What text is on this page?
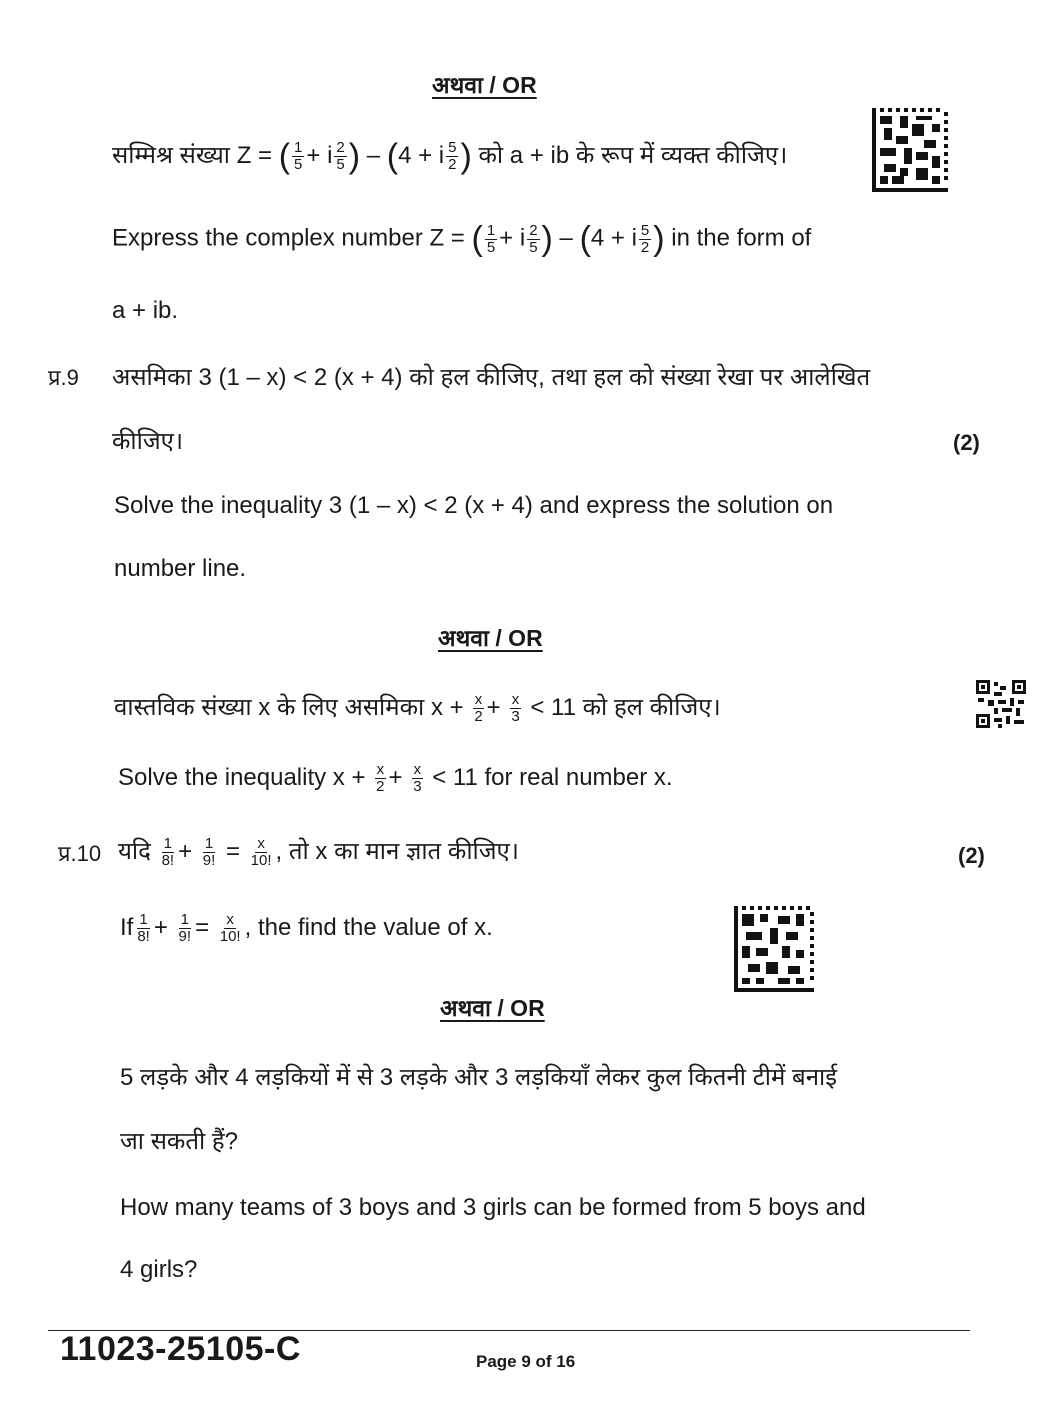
अथवा / OR
सम्मिश्र संख्या Z = ( $\frac{1}{5} + i \frac{2}{5}$ ) – (4 + i $\frac{5}{2}$ ) को a + ib के रूप में व्यक्त कीजिए।
Express the complex number Z = ( $\frac{1}{5} + i \frac{2}{5}$ ) – (4 + i $\frac{5}{2}$ ) in the form of
a + ib.
प्र.9 असमिका 3 (1 – x) < 2 (x + 4) को हल कीजिए, तथा हल को संख्या रेखा पर आलेखित
कीजिए।	(2)
Solve the inequality 3 (1 – x) < 2 (x + 4) and express the solution on
number line.
अथवा / OR
वास्तविक संख्या x के लिए असमिका $x + \frac{x}{2} + \frac{x}{3} < 11$ को हल कीजिए।
Solve the inequality $x + \frac{x}{2} + \frac{x}{3} < 11$ for real number x.
प्र.10 यदि $\frac{1}{8!} + \frac{1}{9!} = \frac{x}{10!}$ , तो x का मान ज्ञात कीजिए।	(2)
If $\frac{1}{8!} + \frac{1}{9!} = \frac{x}{10!}$ , the find the value of x.
अथवा / OR
5 लड़के और 4 लड़कियों में से 3 लड़के और 3 लड़कियाँ लेकर कुल कितनी टीमें बनाई
जा सकती हैं?
How many teams of 3 boys and 3 girls can be formed from 5 boys and
4 girls?
11023-25105-C	Page 9 of 16
